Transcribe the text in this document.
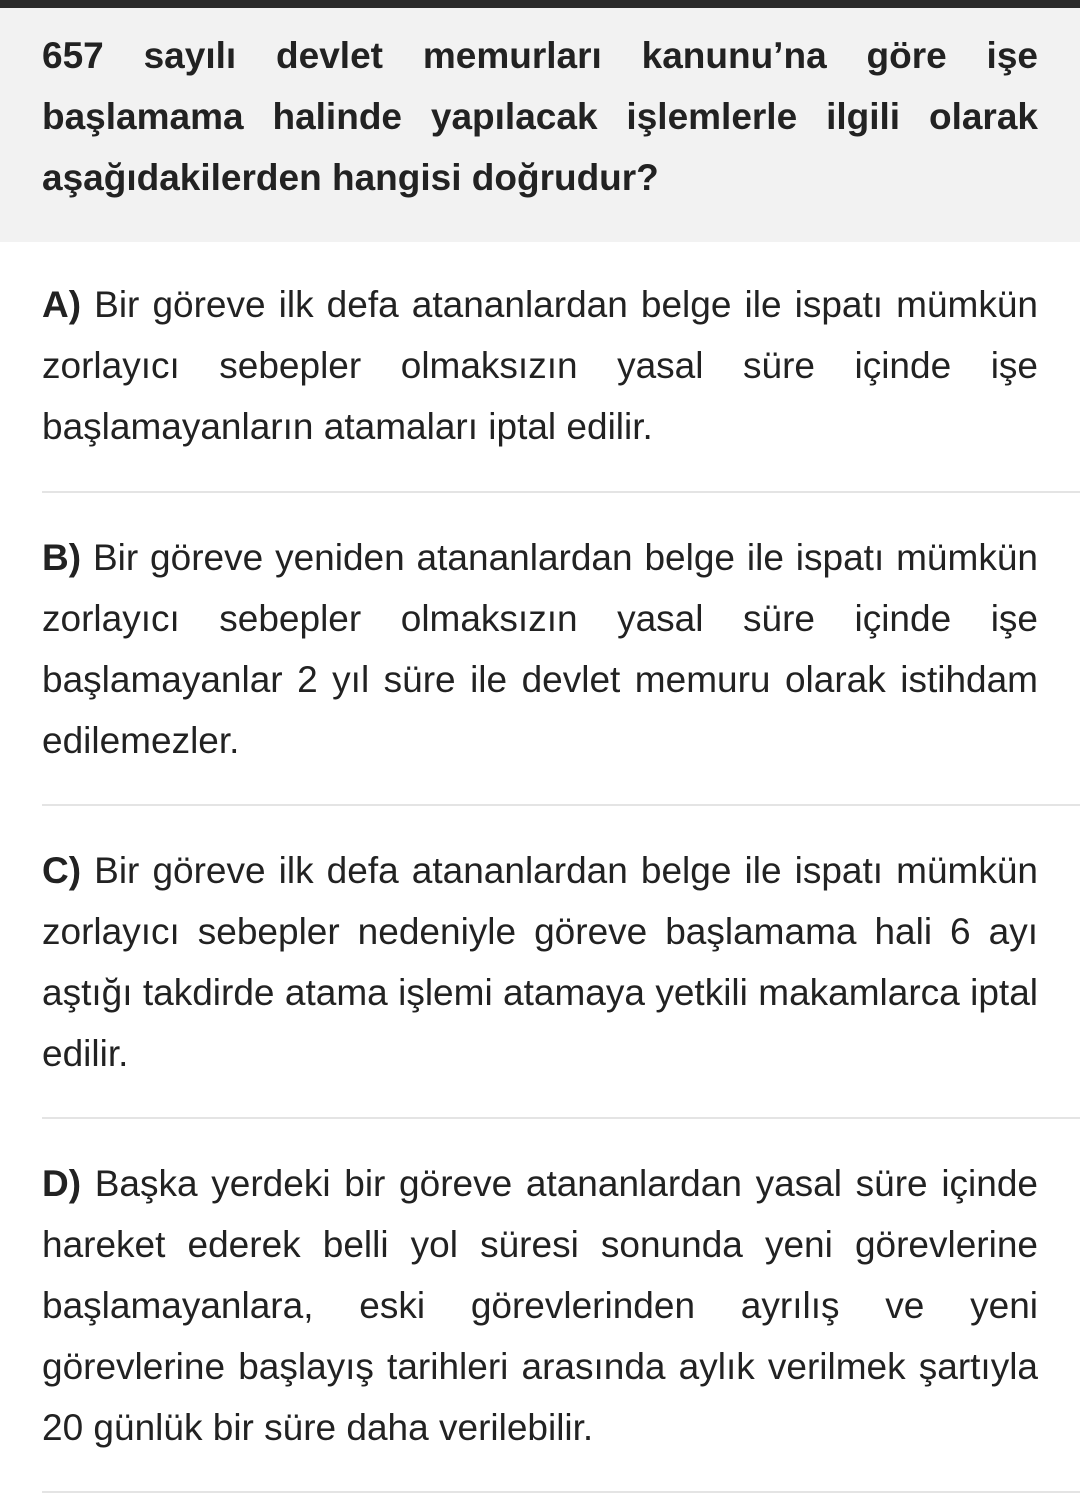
657 sayılı devlet memurları kanunu’na göre işe başlamama halinde yapılacak işlemlerle ilgili olarak aşağıdakilerden hangisi doğrudur?

A) Bir göreve ilk defa atananlardan belge ile ispatı mümkün zorlayıcı sebepler olmaksızın yasal süre içinde işe başlamayanların atamaları iptal edilir.
B) Bir göreve yeniden atananlardan belge ile ispatı mümkün zorlayıcı sebepler olmaksızın yasal süre içinde işe başlamayanlar 2 yıl süre ile devlet memuru olarak istihdam edilemezler.
C) Bir göreve ilk defa atananlardan belge ile ispatı mümkün zorlayıcı sebepler nedeniyle göreve başlamama hali 6 ayı aştığı takdirde atama işlemi atamaya yetkili makamlarca iptal edilir.
D) Başka yerdeki bir göreve atananlardan yasal süre içinde hareket ederek belli yol süresi sonunda yeni görevlerine başlamayanlara, eski görevlerinden ayrılış ve yeni görevlerine başlayış tarihleri arasında aylık verilmek şartıyla 20 günlük bir süre daha verilebilir.
